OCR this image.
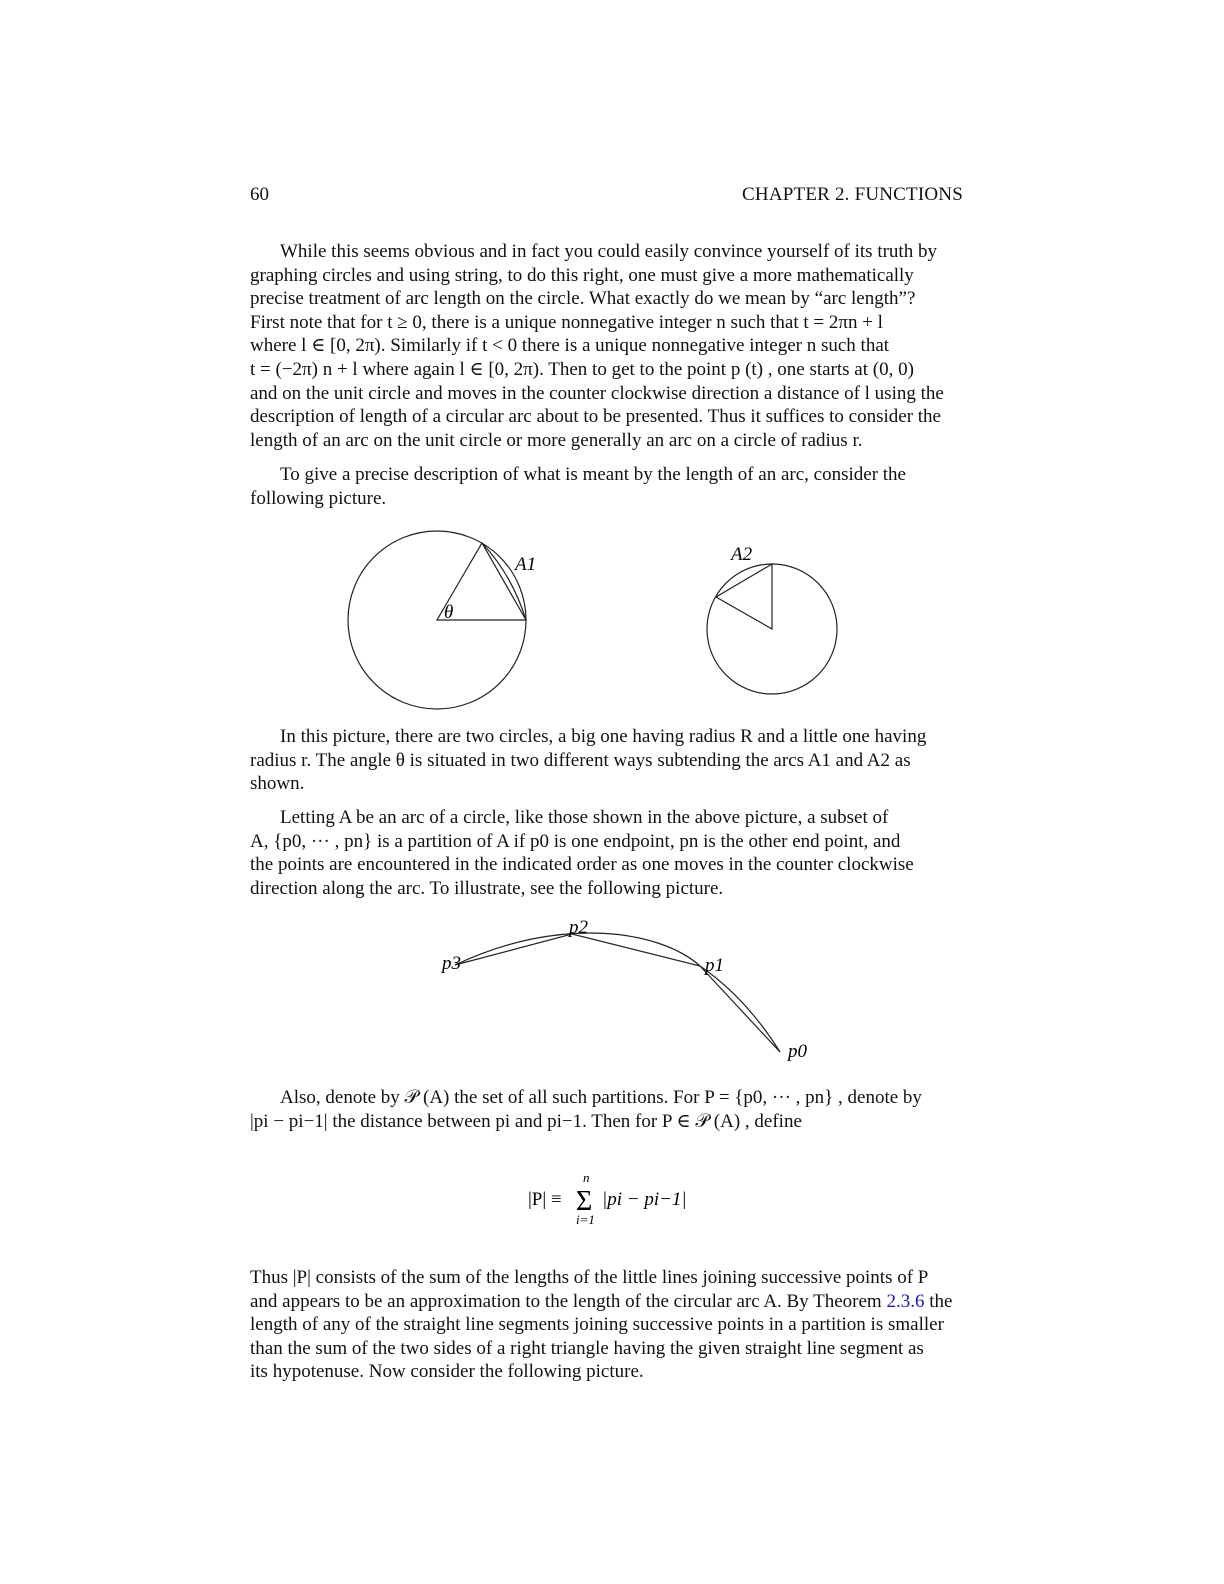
60	CHAPTER 2. FUNCTIONS
While this seems obvious and in fact you could easily convince yourself of its truth by
graphing circles and using string, to do this right, one must give a more mathematically
precise treatment of arc length on the circle. What exactly do we mean by “arc length”?
First note that for t ≥ 0, there is a unique nonnegative integer n such that t = 2πn + l
where l ∈ [0, 2π). Similarly if t < 0 there is a unique nonnegative integer n such that
t = (−2π) n + l where again l ∈ [0, 2π). Then to get to the point p (t) , one starts at (0, 0)
and on the unit circle and moves in the counter clockwise direction a distance of l using the
description of length of a circular arc about to be presented. Thus it suffices to consider the
length of an arc on the unit circle or more generally an arc on a circle of radius r.
To give a precise description of what is meant by the length of an arc, consider the
following picture.
θ
A1	A2
In this picture, there are two circles, a big one having radius R and a little one having
radius r. The angle θ is situated in two different ways subtending the arcs A1 and A2 as
shown.
Letting A be an arc of a circle, like those shown in the above picture, a subset of
A, {p0, ··· , pn} is a partition of A if p0 is one endpoint, pn is the other end point, and
the points are encountered in the indicated order as one moves in the counter clockwise
direction along the arc. To illustrate, see the following picture.
p0
p1
p2
p3
Also, denote by 𝒫 (A) the set of all such partitions. For P = {p0, ··· , pn} , denote by
|pi − pi−1| the distance between pi and pi−1. Then for P ∈ 𝒫 (A) , define
|P| ≡ Σ
n
i=1
|pi − pi−1|
Thus |P| consists of the sum of the lengths of the little lines joining successive points of P
and appears to be an approximation to the length of the circular arc A. By Theorem 2.3.6 the
length of any of the straight line segments joining successive points in a partition is smaller
than the sum of the two sides of a right triangle having the given straight line segment as
its hypotenuse. Now consider the following picture.
